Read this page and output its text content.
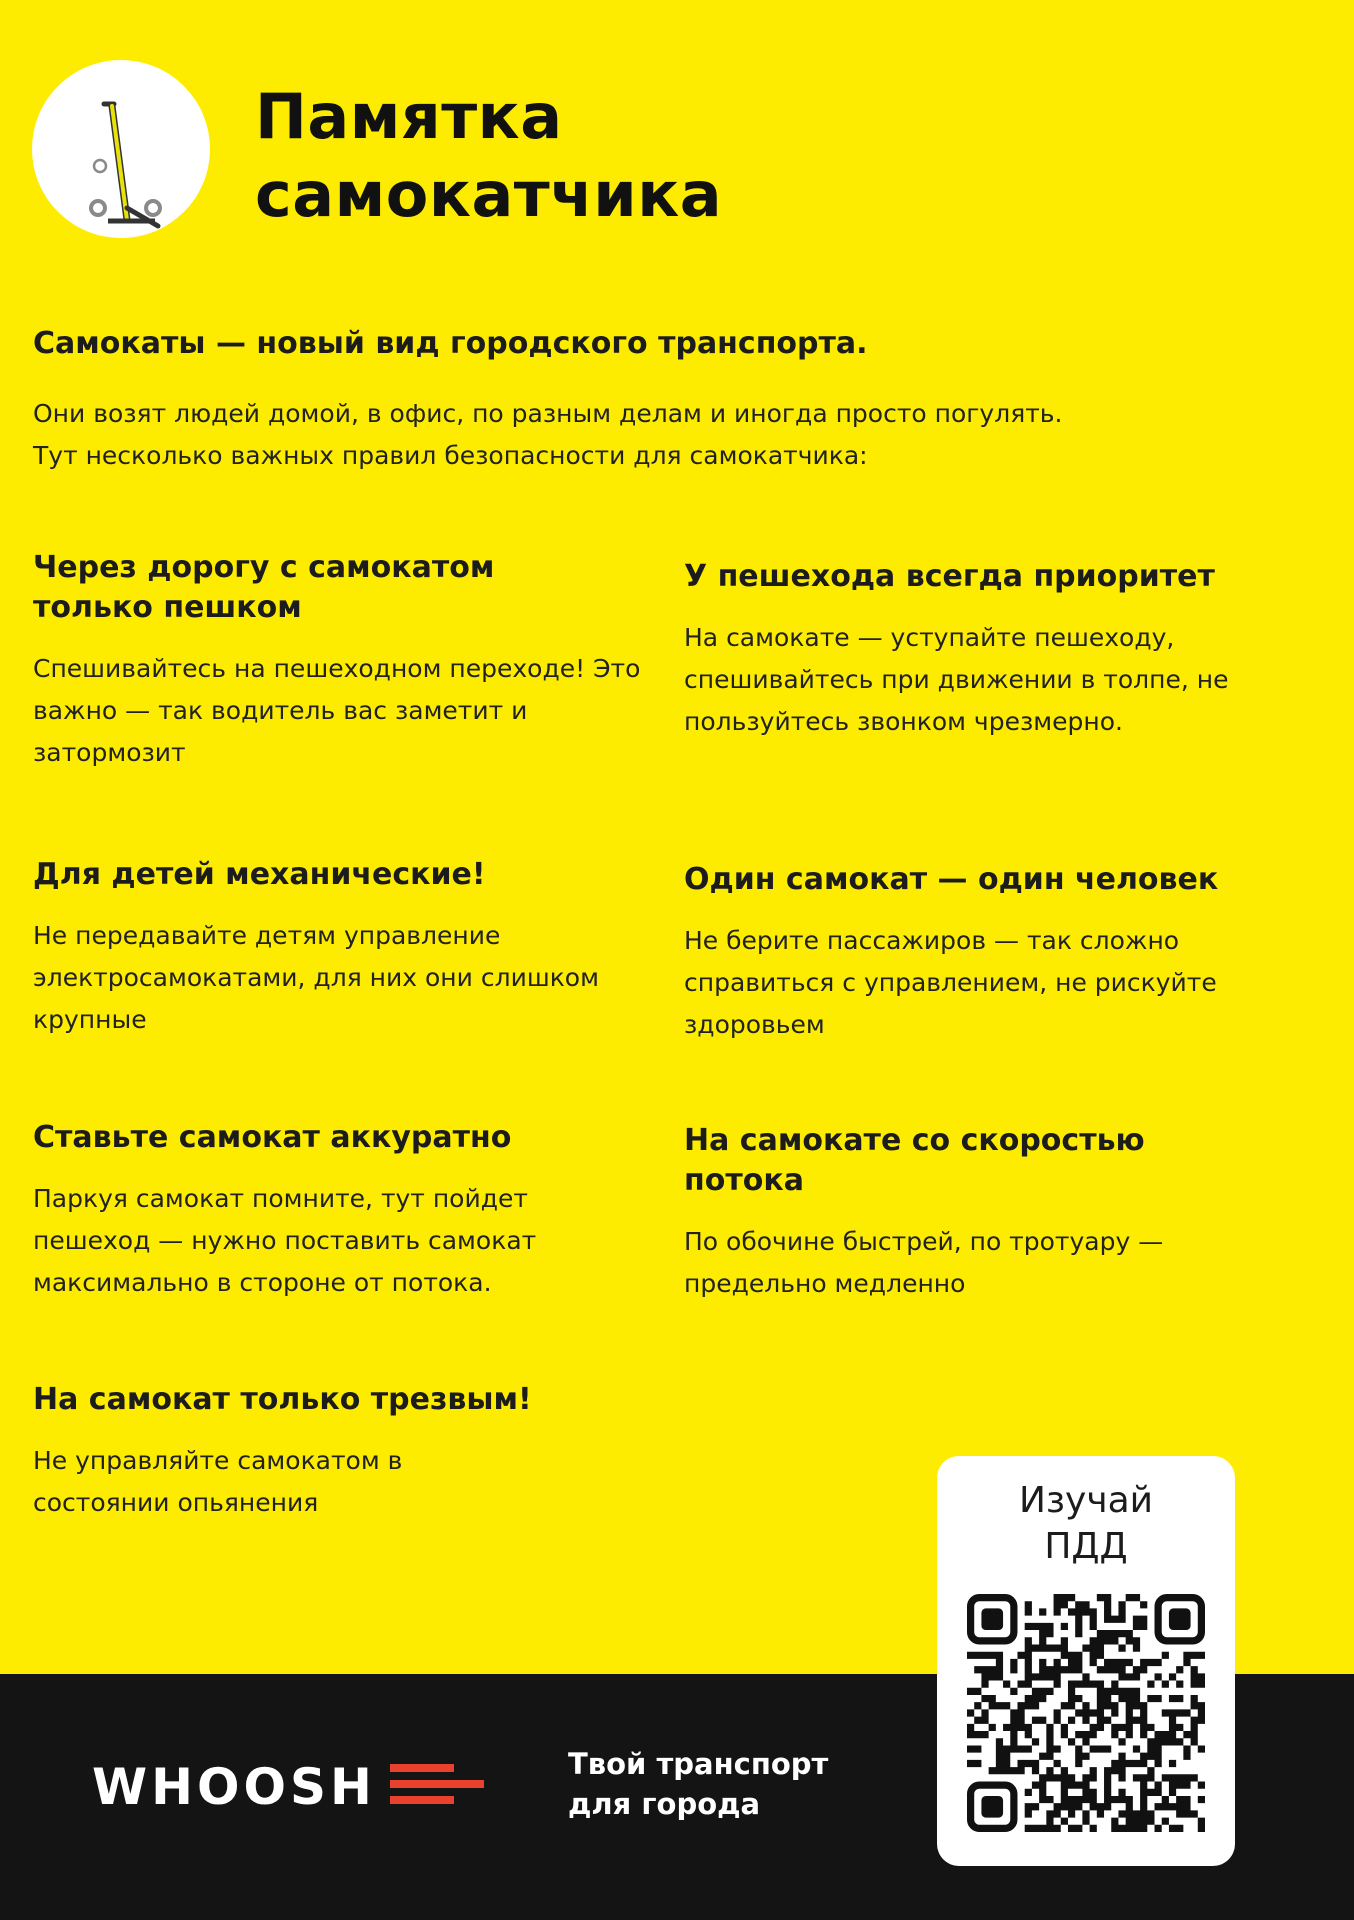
Памятка
самокатчика

Самокаты — новый вид городского транспорта.

Они возят людей домой, в офис, по разным делам и иногда просто погулять.
Тут несколько важных правил безопасности для самокатчика:

Через дорогу с самокатом только пешком

Спешивайтесь на пешеходном переходе! Это важно — так водитель вас заметит и затормозит

У пешехода всегда приоритет

На самокате — уступайте пешеходу, спешивайтесь при движении в толпе, не пользуйтесь звонком чрезмерно.

Для детей механические!

Не передавайте детям управление электросамокатами, для них они слишком крупные

Один самокат — один человек

Не берите пассажиров — так сложно справиться с управлением, не рискуйте здоровьем

Ставьте самокат аккуратно

Паркуя самокат помните, тут пойдет пешеход — нужно поставить самокат максимально в стороне от потока.

На самокате со скоростью потока

По обочине быстрей, по тротуару — предельно медленно

На самокат только трезвым!

Не управляйте самокатом в состоянии опьянения

WHOOSH	Твой транспорт
для города

Изучай
ПДД
